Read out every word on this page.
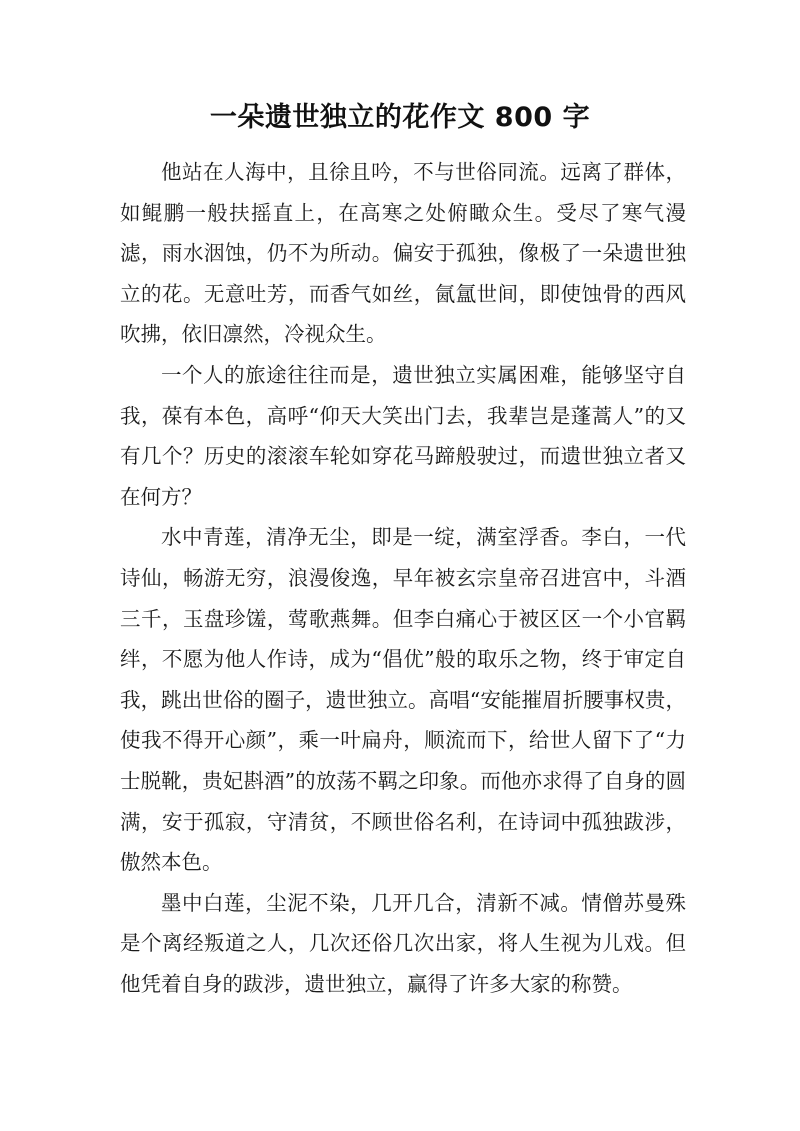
一朵遗世独立的花作文 800 字

他站在人海中，且徐且吟，不与世俗同流。远离了群体，如鲲鹏一般扶摇直上，在高寒之处俯瞰众生。受尽了寒气漫滤，雨水洇蚀，仍不为所动。偏安于孤独，像极了一朵遗世独立的花。无意吐芳，而香气如丝，氤氲世间，即使蚀骨的西风吹拂，依旧凛然，冷视众生。

一个人的旅途往往而是，遗世独立实属困难，能够坚守自我，葆有本色，高呼“仰天大笑出门去，我辈岂是蓬蒿人”的又有几个？历史的滚滚车轮如穿花马蹄般驶过，而遗世独立者又在何方？

水中青莲，清净无尘，即是一绽，满室浮香。李白，一代诗仙，畅游无穷，浪漫俊逸，早年被玄宗皇帝召进宫中，斗酒三千，玉盘珍馐，莺歌燕舞。但李白痛心于被区区一个小官羁绊，不愿为他人作诗，成为“倡优”般的取乐之物，终于审定自我，跳出世俗的圈子，遗世独立。高唱“安能摧眉折腰事权贵，使我不得开心颜”，乘一叶扁舟，顺流而下，给世人留下了“力士脱靴，贵妃斟酒”的放荡不羁之印象。而他亦求得了自身的圆满，安于孤寂，守清贫，不顾世俗名利，在诗词中孤独跋涉，傲然本色。

墨中白莲，尘泥不染，几开几合，清新不减。情僧苏曼殊是个离经叛道之人，几次还俗几次出家，将人生视为儿戏。但他凭着自身的跋涉，遗世独立，赢得了许多大家的称赞。
